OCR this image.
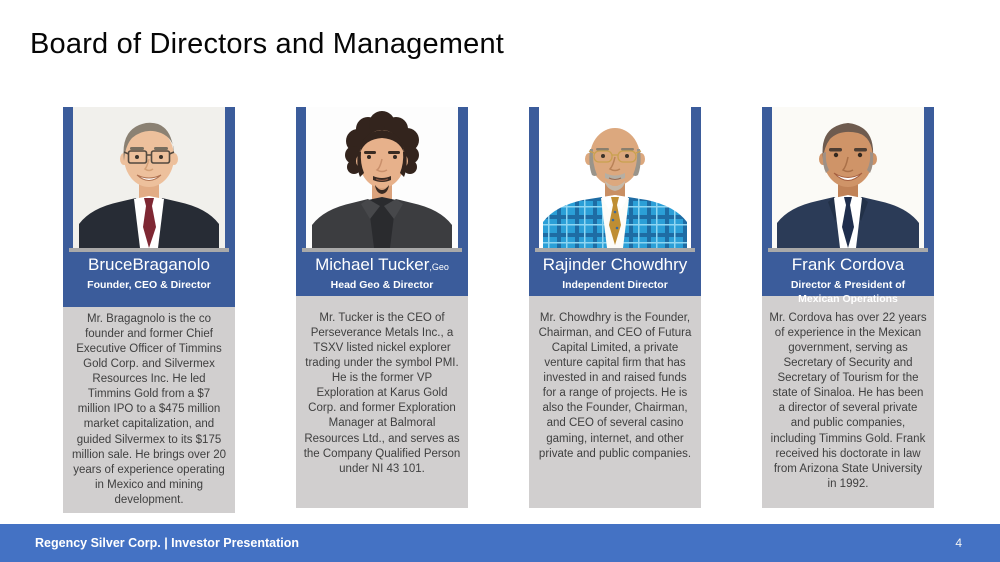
Board of Directors and Management
BruceBraganolo
Founder, CEO & Director

Mr. Bragagnolo is the co founder and former Chief Executive Officer of Timmins Gold Corp. and Silvermex Resources Inc. He led Timmins Gold from a $7 million IPO to a $475 million market capitalization, and guided Silvermex to its $175 million sale. He brings over 20 years of experience operating in Mexico and mining development.

Michael Tucker,Geo
Head Geo & Director

Mr. Tucker is the CEO of Perseverance Metals Inc., a TSXV listed nickel explorer trading under the symbol PMI. He is the former VP Exploration at Karus Gold Corp. and former Exploration Manager at Balmoral Resources Ltd., and serves as the Company Qualified Person under NI 43 101.

Rajinder Chowdhry
Independent Director

Mr. Chowdhry is the Founder, Chairman, and CEO of Futura Capital Limited, a private venture capital firm that has invested in and raised funds for a range of projects. He is also the Founder, Chairman, and CEO of several casino gaming, internet, and other private and public companies.

Frank Cordova
Director & President of Mexican Operations

Mr. Cordova has over 22 years of experience in the Mexican government, serving as Secretary of Security and Secretary of Tourism for the state of Sinaloa. He has been a director of several private and public companies, including Timmins Gold. Frank received his doctorate in law from Arizona State University in 1992.

Regency Silver Corp. | Investor Presentation	4
